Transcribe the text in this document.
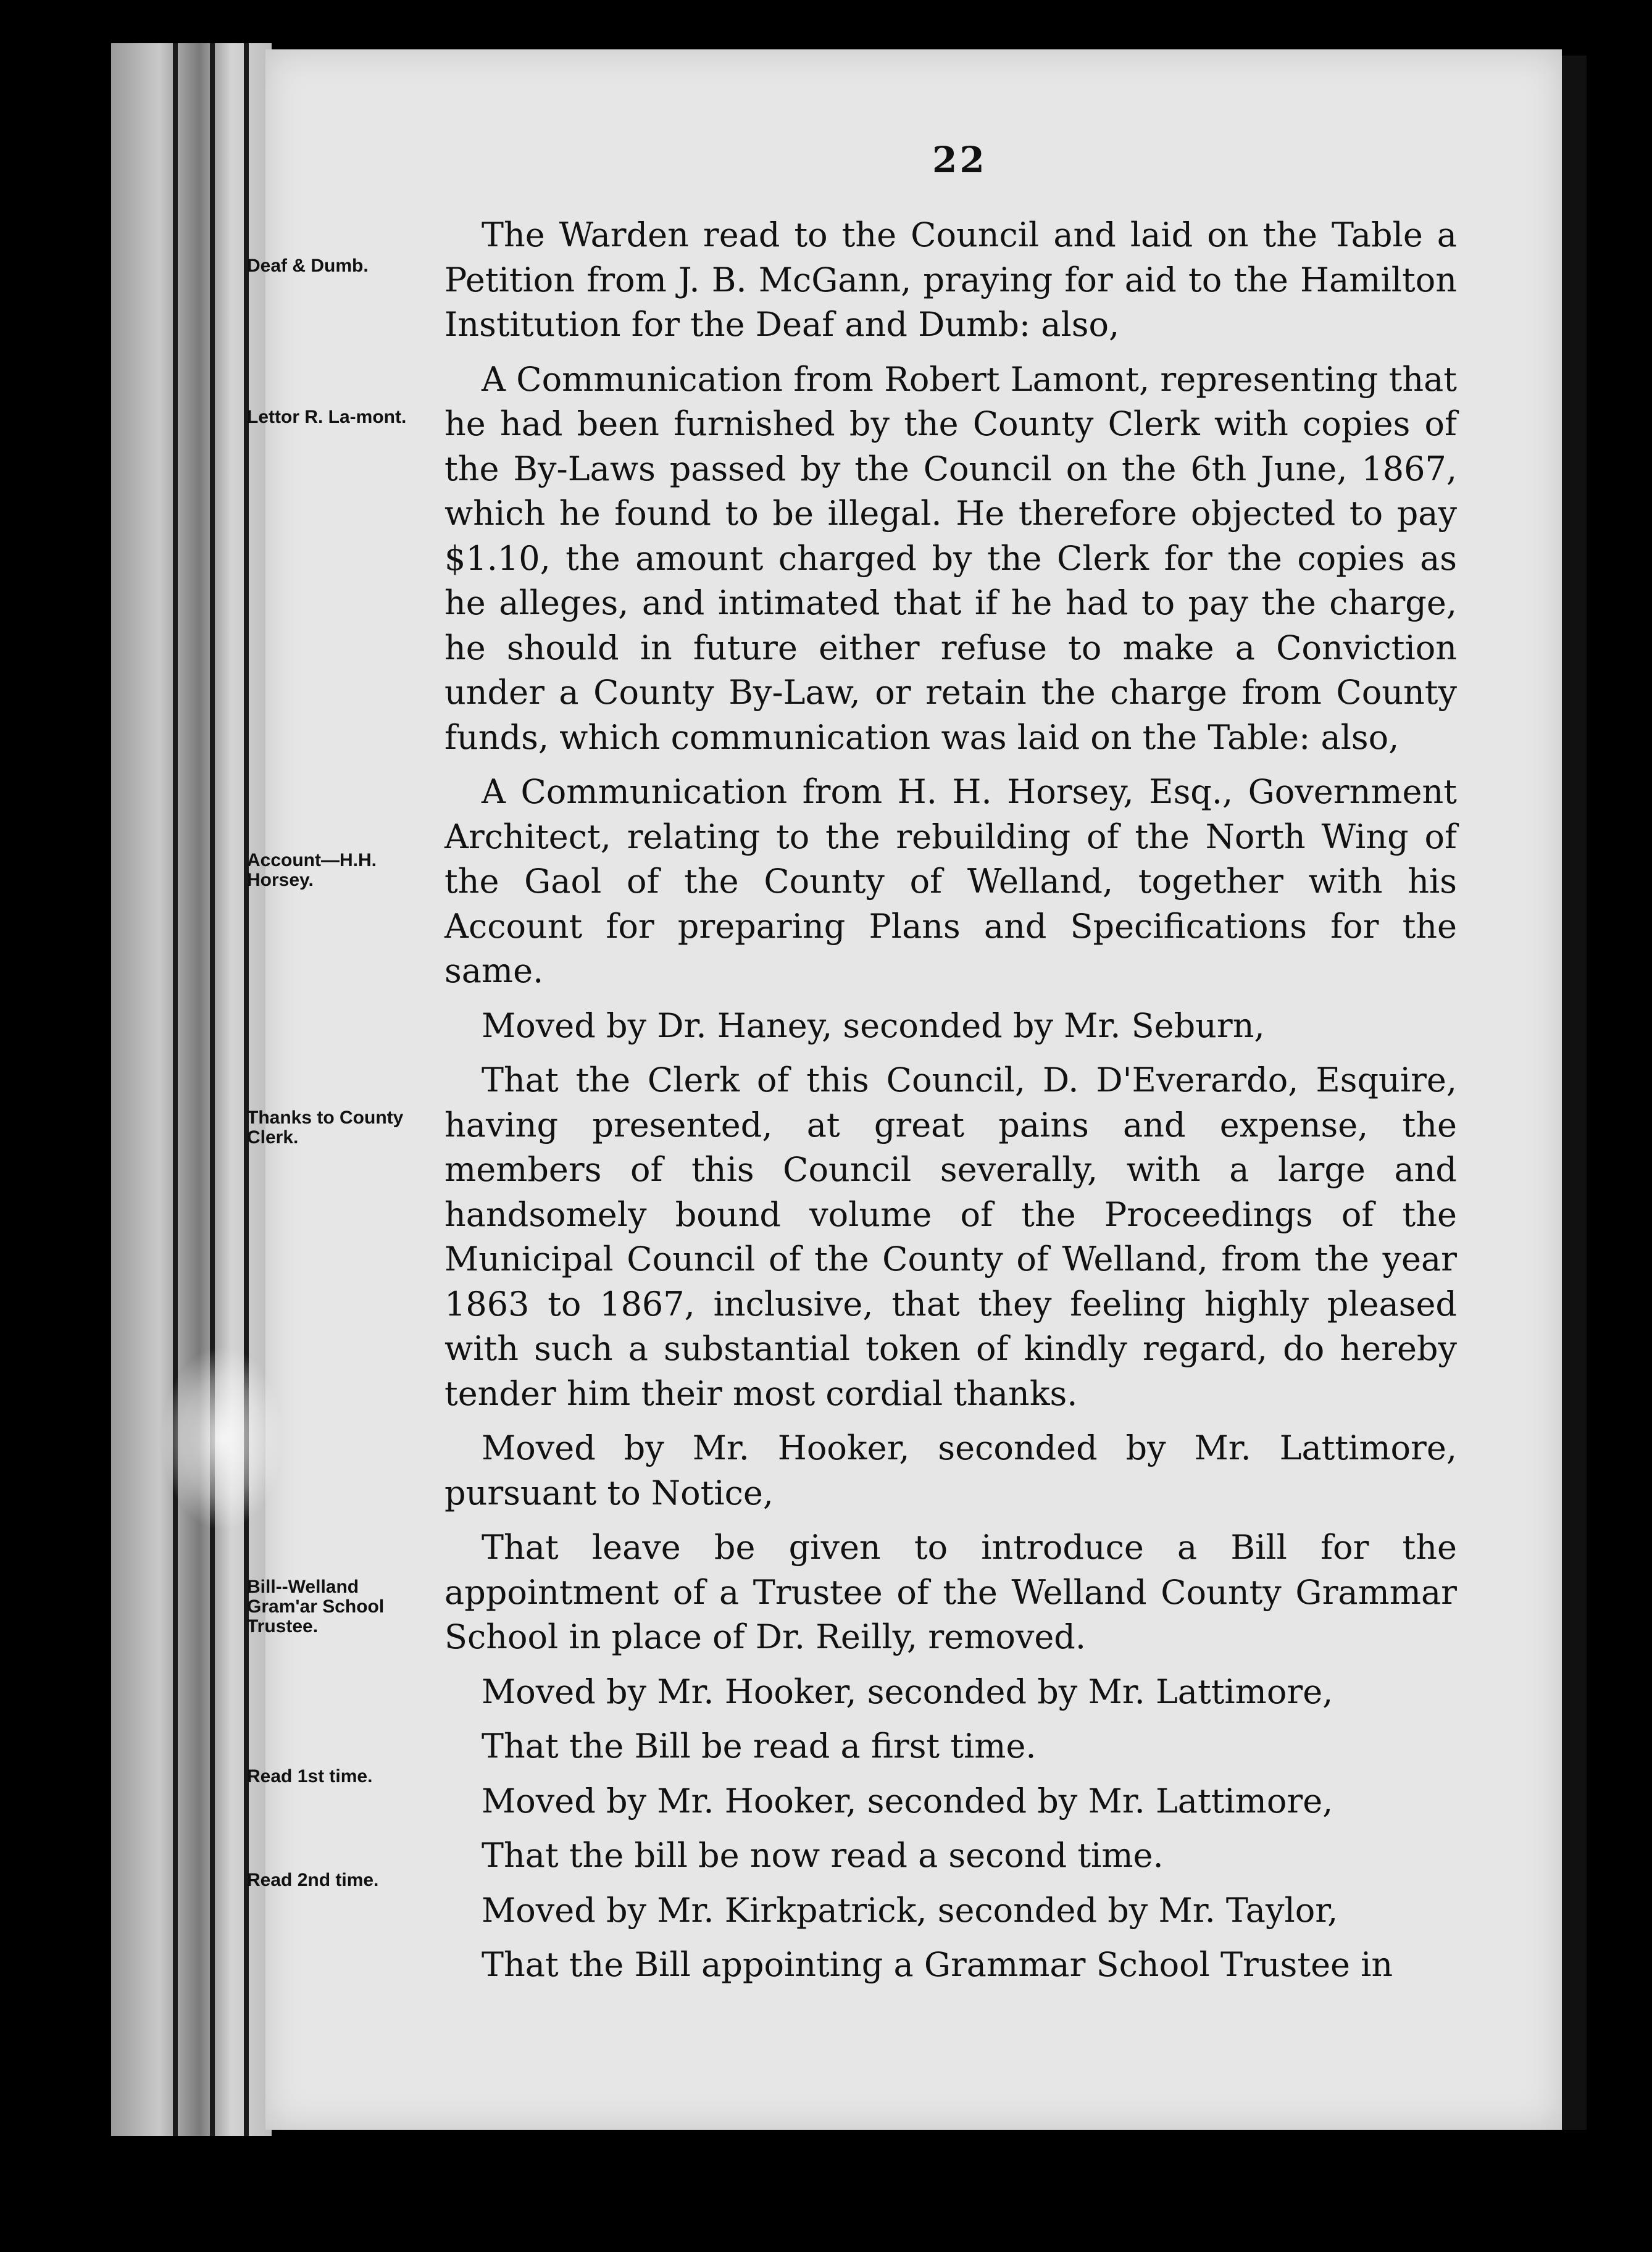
22
Deaf & Dumb.
Lettor R. La-mont.
Account—H.H. Horsey.
Thanks to County Clerk.
Bill--Welland Gram'ar School Trustee.
Read 1st time.
Read 2nd time.

The Warden read to the Council and laid on the Table a Petition from J. B. McGann, praying for aid to the Hamilton Institution for the Deaf and Dumb: also,

A Communication from Robert Lamont, representing that he had been furnished by the County Clerk with copies of the By-Laws passed by the Council on the 6th June, 1867, which he found to be illegal. He therefore objected to pay $1.10, the amount charged by the Clerk for the copies as he alleges, and intimated that if he had to pay the charge, he should in future either refuse to make a Conviction under a County By-Law, or retain the charge from County funds, which communication was laid on the Table: also,

A Communication from H. H. Horsey, Esq., Government Architect, relating to the rebuilding of the North Wing of the Gaol of the County of Welland, together with his Account for preparing Plans and Specifications for the same.

Moved by Dr. Haney, seconded by Mr. Seburn,

That the Clerk of this Council, D. D'Everardo, Esquire, having presented, at great pains and expense, the members of this Council severally, with a large and handsomely bound volume of the Proceedings of the Municipal Council of the County of Welland, from the year 1863 to 1867, inclusive, that they feeling highly pleased with such a substantial token of kindly regard, do hereby tender him their most cordial thanks.

Moved by Mr. Hooker, seconded by Mr. Lattimore, pursuant to Notice,

That leave be given to introduce a Bill for the appointment of a Trustee of the Welland County Grammar School in place of Dr. Reilly, removed.

Moved by Mr. Hooker, seconded by Mr. Lattimore,

That the Bill be read a first time.

Moved by Mr. Hooker, seconded by Mr. Lattimore,

That the bill be now read a second time.

Moved by Mr. Kirkpatrick, seconded by Mr. Taylor,

That the Bill appointing a Grammar School Trustee in
